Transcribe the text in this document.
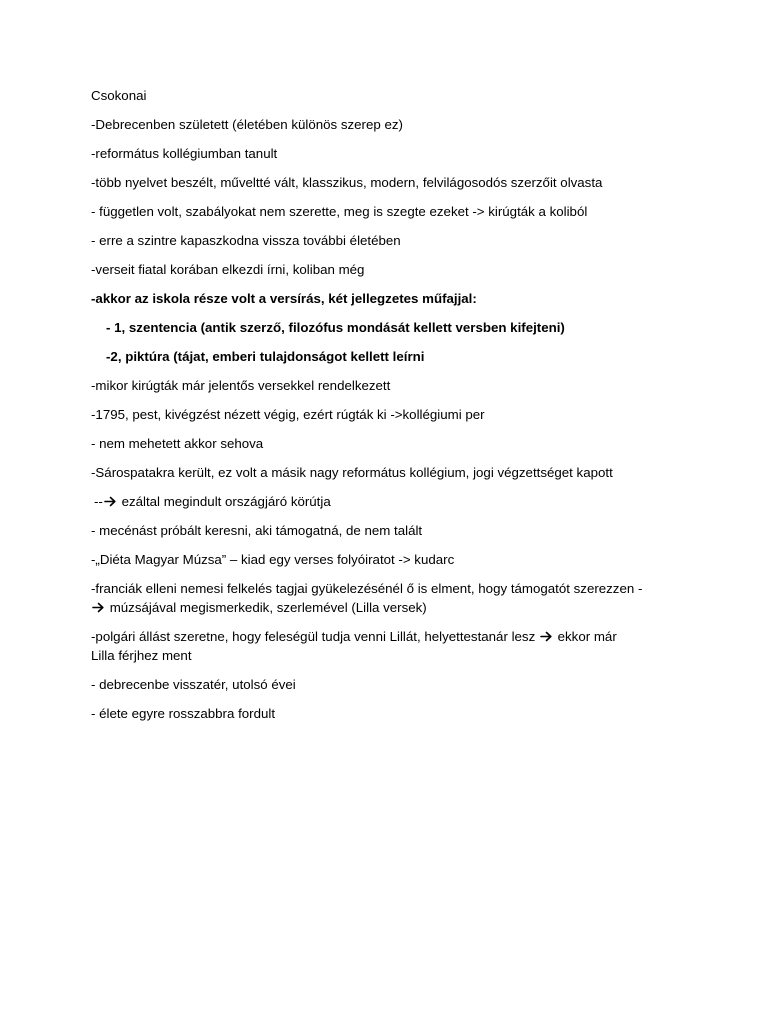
Csokonai
-Debrecenben született (életében különös szerep ez)
-református kollégiumban tanult
-több nyelvet beszélt, műveltté vált, klasszikus, modern, felvilágosodós szerzőit olvasta
- független volt, szabályokat nem szerette, meg is szegte ezeket -> kirúgták a koliból
- erre a szintre kapaszkodna vissza további életében
-verseit fiatal korában elkezdi írni, koliban még
-akkor az iskola része volt a versírás, két jellegzetes műfajjal:
- 1, szentencia (antik szerző, filozófus mondását kellett versben kifejteni)
-2, piktúra (tájat, emberi tulajdonságot kellett leírni
-mikor kirúgták már jelentős versekkel rendelkezett
-1795, pest, kivégzést nézett végig, ezért rúgták ki ->kollégiumi per
- nem mehetett akkor sehova
-Sárospatakra került, ez volt a másik nagy református kollégium, jogi végzettséget kapott
-- ezáltal megindult országjáró körútja
- mecénást próbált keresni, aki támogatná, de nem talált
-„Diéta Magyar Múzsa” – kiad egy verses folyóiratot -> kudarc
-franciák elleni nemesi felkelés tagjai gyükelezésénél ő is elment, hogy támogatót szerezzen -
múzsájával megismerkedik, szerlemével (Lilla versek)
-polgári állást szeretne, hogy feleségül tudja venni Lillát, helyettestanár lesz ekkor már
Lilla férjhez ment
- debrecenbe visszatér, utolsó évei
- élete egyre rosszabbra fordult
